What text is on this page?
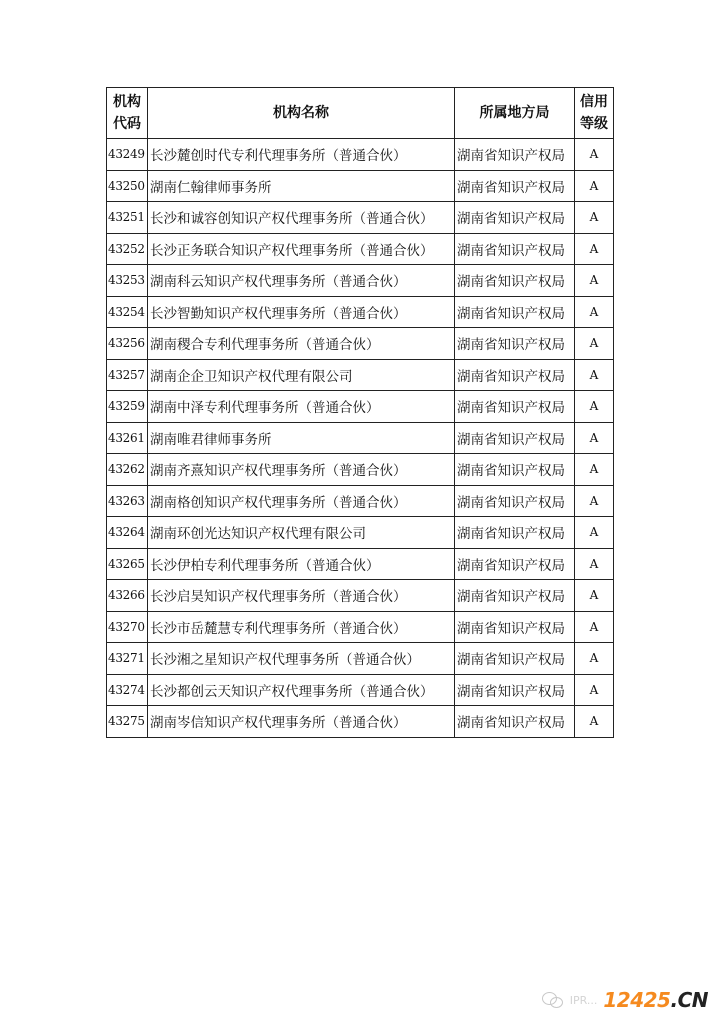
机构代码	机构名称	所属地方局	信用等级
43249	长沙麓创时代专利代理事务所（普通合伙）	湖南省知识产权局	A
43250	湖南仁翰律师事务所	湖南省知识产权局	A
43251	长沙和诚容创知识产权代理事务所（普通合伙）	湖南省知识产权局	A
43252	长沙正务联合知识产权代理事务所（普通合伙）	湖南省知识产权局	A
43253	湖南科云知识产权代理事务所（普通合伙）	湖南省知识产权局	A
43254	长沙智勤知识产权代理事务所（普通合伙）	湖南省知识产权局	A
43256	湖南稷合专利代理事务所（普通合伙）	湖南省知识产权局	A
43257	湖南企企卫知识产权代理有限公司	湖南省知识产权局	A
43259	湖南中泽专利代理事务所（普通合伙）	湖南省知识产权局	A
43261	湖南唯君律师事务所	湖南省知识产权局	A
43262	湖南齐熹知识产权代理事务所（普通合伙）	湖南省知识产权局	A
43263	湖南格创知识产权代理事务所（普通合伙）	湖南省知识产权局	A
43264	湖南环创光达知识产权代理有限公司	湖南省知识产权局	A
43265	长沙伊柏专利代理事务所（普通合伙）	湖南省知识产权局	A
43266	长沙启昊知识产权代理事务所（普通合伙）	湖南省知识产权局	A
43270	长沙市岳麓慧专利代理事务所（普通合伙）	湖南省知识产权局	A
43271	长沙湘之星知识产权代理事务所（普通合伙）	湖南省知识产权局	A
43274	长沙都创云天知识产权代理事务所（普通合伙）	湖南省知识产权局	A
43275	湖南岑信知识产权代理事务所（普通合伙）	湖南省知识产权局	A
IPR... 12425.CN
